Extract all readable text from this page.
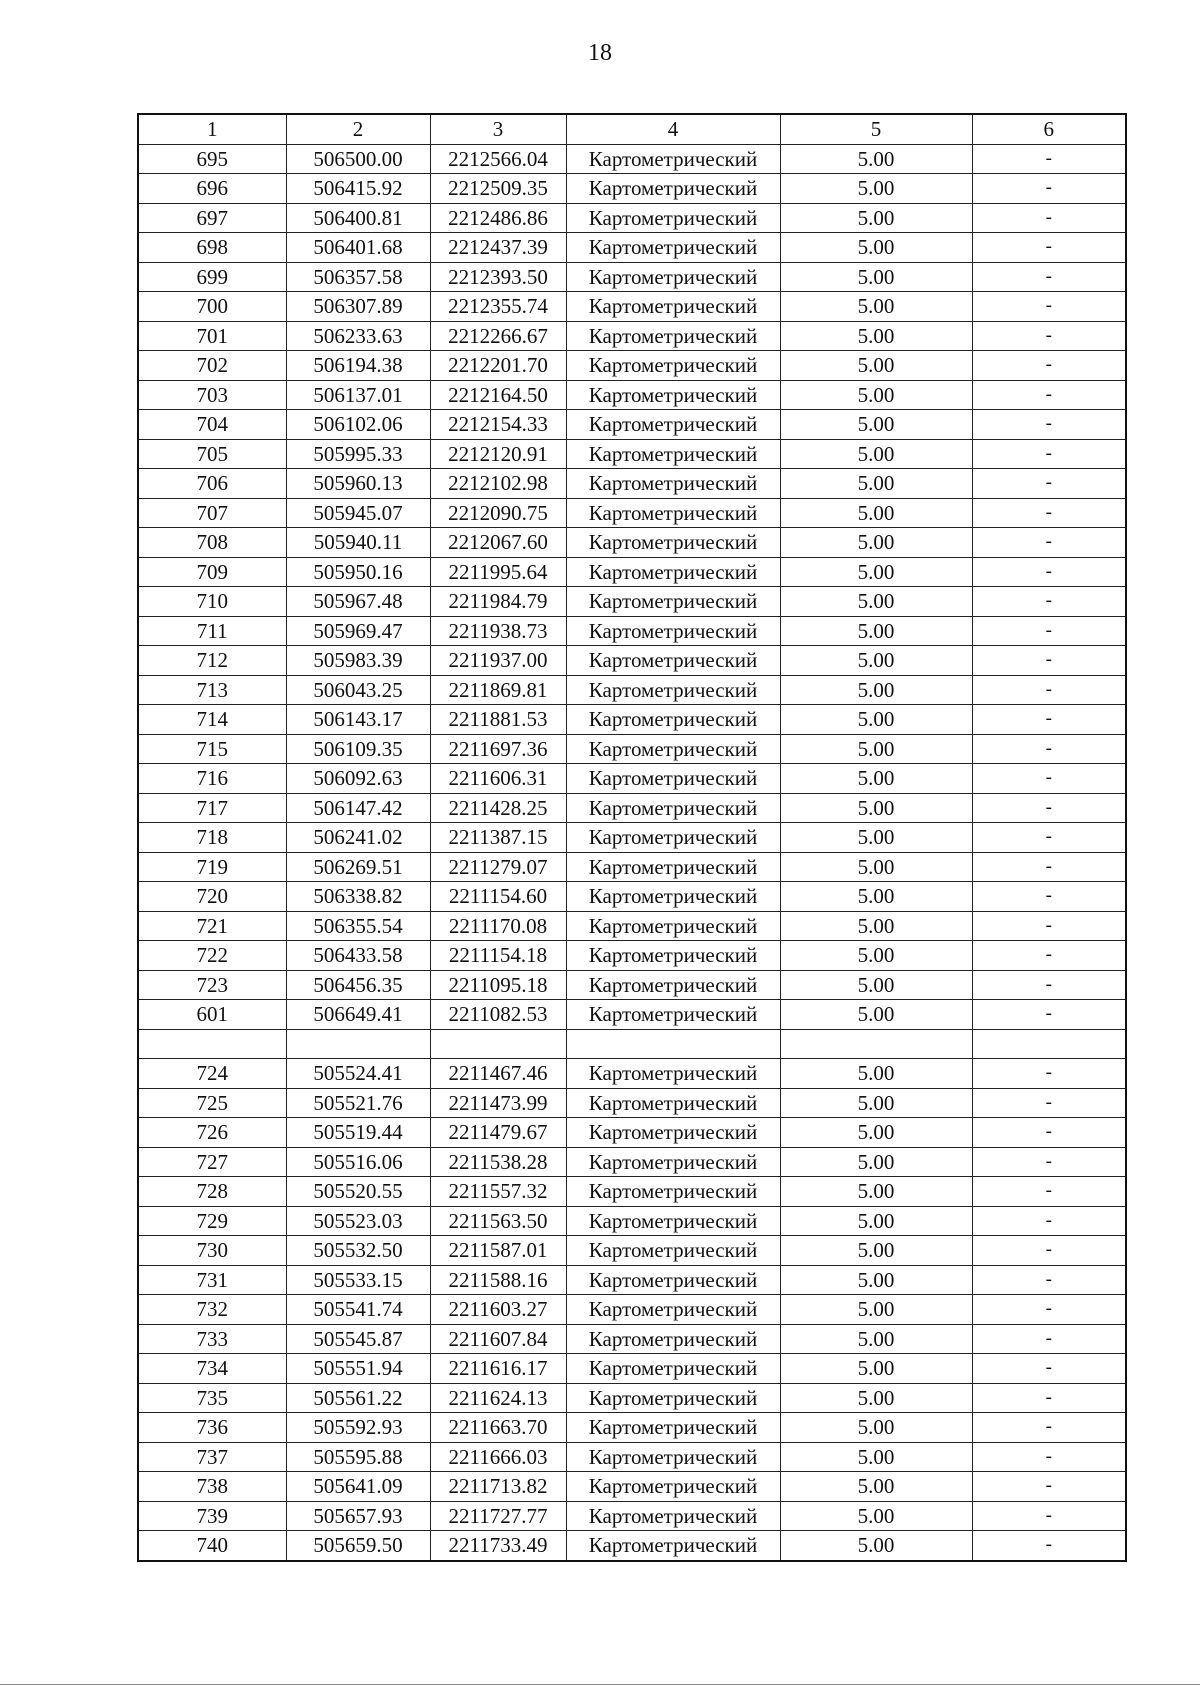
18
1	2	3	4	5	6
695	506500.00	2212566.04	Картометрический	5.00	-
696	506415.92	2212509.35	Картометрический	5.00	-
697	506400.81	2212486.86	Картометрический	5.00	-
698	506401.68	2212437.39	Картометрический	5.00	-
699	506357.58	2212393.50	Картометрический	5.00	-
700	506307.89	2212355.74	Картометрический	5.00	-
701	506233.63	2212266.67	Картометрический	5.00	-
702	506194.38	2212201.70	Картометрический	5.00	-
703	506137.01	2212164.50	Картометрический	5.00	-
704	506102.06	2212154.33	Картометрический	5.00	-
705	505995.33	2212120.91	Картометрический	5.00	-
706	505960.13	2212102.98	Картометрический	5.00	-
707	505945.07	2212090.75	Картометрический	5.00	-
708	505940.11	2212067.60	Картометрический	5.00	-
709	505950.16	2211995.64	Картометрический	5.00	-
710	505967.48	2211984.79	Картометрический	5.00	-
711	505969.47	2211938.73	Картометрический	5.00	-
712	505983.39	2211937.00	Картометрический	5.00	-
713	506043.25	2211869.81	Картометрический	5.00	-
714	506143.17	2211881.53	Картометрический	5.00	-
715	506109.35	2211697.36	Картометрический	5.00	-
716	506092.63	2211606.31	Картометрический	5.00	-
717	506147.42	2211428.25	Картометрический	5.00	-
718	506241.02	2211387.15	Картометрический	5.00	-
719	506269.51	2211279.07	Картометрический	5.00	-
720	506338.82	2211154.60	Картометрический	5.00	-
721	506355.54	2211170.08	Картометрический	5.00	-
722	506433.58	2211154.18	Картометрический	5.00	-
723	506456.35	2211095.18	Картометрический	5.00	-
601	506649.41	2211082.53	Картометрический	5.00	-

724	505524.41	2211467.46	Картометрический	5.00	-
725	505521.76	2211473.99	Картометрический	5.00	-
726	505519.44	2211479.67	Картометрический	5.00	-
727	505516.06	2211538.28	Картометрический	5.00	-
728	505520.55	2211557.32	Картометрический	5.00	-
729	505523.03	2211563.50	Картометрический	5.00	-
730	505532.50	2211587.01	Картометрический	5.00	-
731	505533.15	2211588.16	Картометрический	5.00	-
732	505541.74	2211603.27	Картометрический	5.00	-
733	505545.87	2211607.84	Картометрический	5.00	-
734	505551.94	2211616.17	Картометрический	5.00	-
735	505561.22	2211624.13	Картометрический	5.00	-
736	505592.93	2211663.70	Картометрический	5.00	-
737	505595.88	2211666.03	Картометрический	5.00	-
738	505641.09	2211713.82	Картометрический	5.00	-
739	505657.93	2211727.77	Картометрический	5.00	-
740	505659.50	2211733.49	Картометрический	5.00	-
